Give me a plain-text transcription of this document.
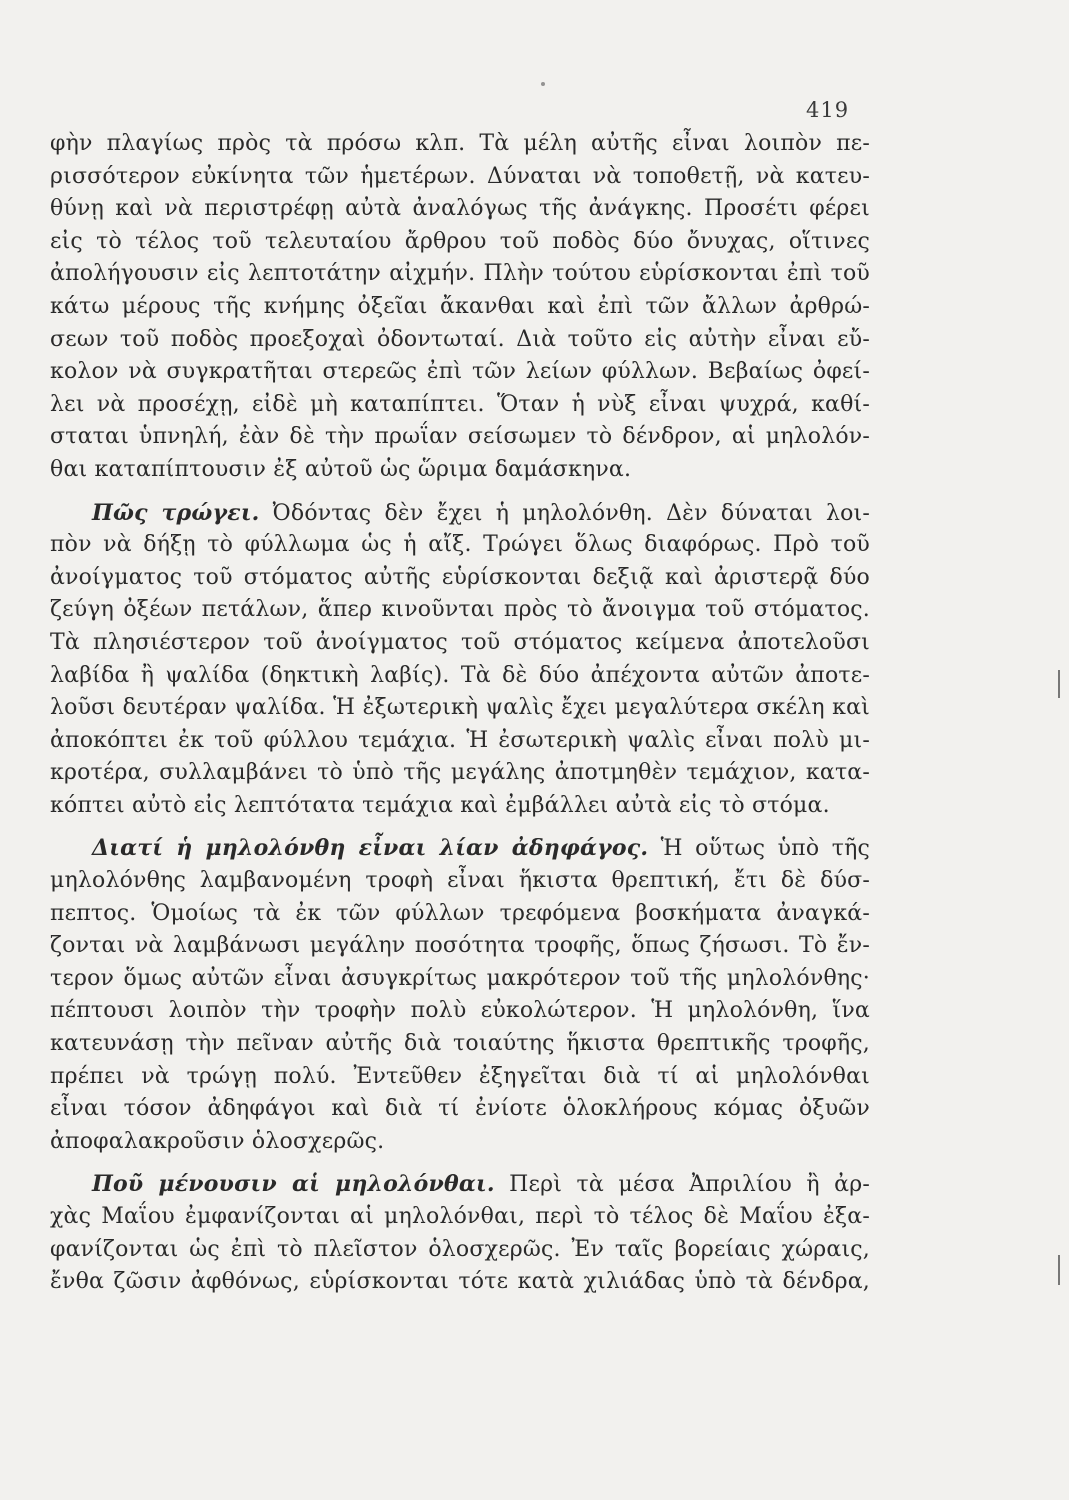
419
φὴν πλαγίως πρὸς τὰ πρόσω κλπ. Τὰ μέλη αὐτῆς εἶναι λοιπὸν πε-
ρισσότερον εὐκίνητα τῶν ἡμετέρων. Δύναται νὰ τοποθετῇ, νὰ κατευ-
θύνῃ καὶ νὰ περιστρέφῃ αὐτὰ ἀναλόγως τῆς ἀνάγκης. Προσέτι φέρει
εἰς τὸ τέλος τοῦ τελευταίου ἄρθρου τοῦ ποδὸς δύο ὄνυχας, οἵτινες
ἀπολήγουσιν εἰς λεπτοτάτην αἰχμήν. Πλὴν τούτου εὑρίσκονται ἐπὶ τοῦ
κάτω μέρους τῆς κνήμης ὀξεῖαι ἄκανθαι καὶ ἐπὶ τῶν ἄλλων ἀρθρώ-
σεων τοῦ ποδὸς προεξοχαὶ ὀδοντωταί. Διὰ τοῦτο εἰς αὐτὴν εἶναι εὔ-
κολον νὰ συγκρατῆται στερεῶς ἐπὶ τῶν λείων φύλλων. Βεβαίως ὀφεί-
λει νὰ προσέχῃ, εἰδὲ μὴ καταπίπτει. Ὅταν ἡ νὺξ εἶναι ψυχρά, καθί-
σταται ὑπνηλή, ἐὰν δὲ τὴν πρωΐαν σείσωμεν τὸ δένδρον, αἱ μηλολόν-
θαι καταπίπτουσιν ἐξ αὐτοῦ ὡς ὥριμα δαμάσκηνα.
Πῶς τρώγει. Ὀδόντας δὲν ἔχει ἡ μηλολόνθη. Δὲν δύναται λοι-
πὸν νὰ δήξῃ τὸ φύλλωμα ὡς ἡ αἴξ. Τρώγει ὅλως διαφόρως. Πρὸ τοῦ
ἀνοίγματος τοῦ στόματος αὐτῆς εὑρίσκονται δεξιᾷ καὶ ἀριστερᾷ δύο
ζεύγη ὀξέων πετάλων, ἅπερ κινοῦνται πρὸς τὸ ἄνοιγμα τοῦ στόματος.
Τὰ πλησιέστερον τοῦ ἀνοίγματος τοῦ στόματος κείμενα ἀποτελοῦσι
λαβίδα ἢ ψαλίδα (δηκτικὴ λαβίς). Τὰ δὲ δύο ἀπέχοντα αὐτῶν ἀποτε-
λοῦσι δευτέραν ψαλίδα. Ἡ ἐξωτερικὴ ψαλὶς ἔχει μεγαλύτερα σκέλη καὶ
ἀποκόπτει ἐκ τοῦ φύλλου τεμάχια. Ἡ ἐσωτερικὴ ψαλὶς εἶναι πολὺ μι-
κροτέρα, συλλαμβάνει τὸ ὑπὸ τῆς μεγάλης ἀποτμηθὲν τεμάχιον, κατα-
κόπτει αὐτὸ εἰς λεπτότατα τεμάχια καὶ ἐμβάλλει αὐτὰ εἰς τὸ στόμα.
Διατί ἡ μηλολόνθη εἶναι λίαν ἀδηφάγος. Ἡ οὕτως ὑπὸ τῆς
μηλολόνθης λαμβανομένη τροφὴ εἶναι ἥκιστα θρεπτική, ἔτι δὲ δύσ-
πεπτος. Ὁμοίως τὰ ἐκ τῶν φύλλων τρεφόμενα βοσκήματα ἀναγκά-
ζονται νὰ λαμβάνωσι μεγάλην ποσότητα τροφῆς, ὅπως ζήσωσι. Τὸ ἔν-
τερον ὅμως αὐτῶν εἶναι ἀσυγκρίτως μακρότερον τοῦ τῆς μηλολόνθης·
πέπτουσι λοιπὸν τὴν τροφὴν πολὺ εὐκολώτερον. Ἡ μηλολόνθη, ἵνα
κατευνάσῃ τὴν πεῖναν αὐτῆς διὰ τοιαύτης ἥκιστα θρεπτικῆς τροφῆς,
πρέπει νὰ τρώγῃ πολύ. Ἐντεῦθεν ἐξηγεῖται διὰ τί αἱ μηλολόνθαι
εἶναι τόσον ἀδηφάγοι καὶ διὰ τί ἐνίοτε ὁλοκλήρους κόμας ὀξυῶν
ἀποφαλακροῦσιν ὁλοσχερῶς.
Ποῦ μένουσιν αἱ μηλολόνθαι. Περὶ τὰ μέσα Ἀπριλίου ἢ ἀρ-
χὰς Μαΐου ἐμφανίζονται αἱ μηλολόνθαι, περὶ τὸ τέλος δὲ Μαΐου ἐξα-
φανίζονται ὡς ἐπὶ τὸ πλεῖστον ὁλοσχερῶς. Ἐν ταῖς βορείαις χώραις,
ἔνθα ζῶσιν ἀφθόνως, εὑρίσκονται τότε κατὰ χιλιάδας ὑπὸ τὰ δένδρα,
